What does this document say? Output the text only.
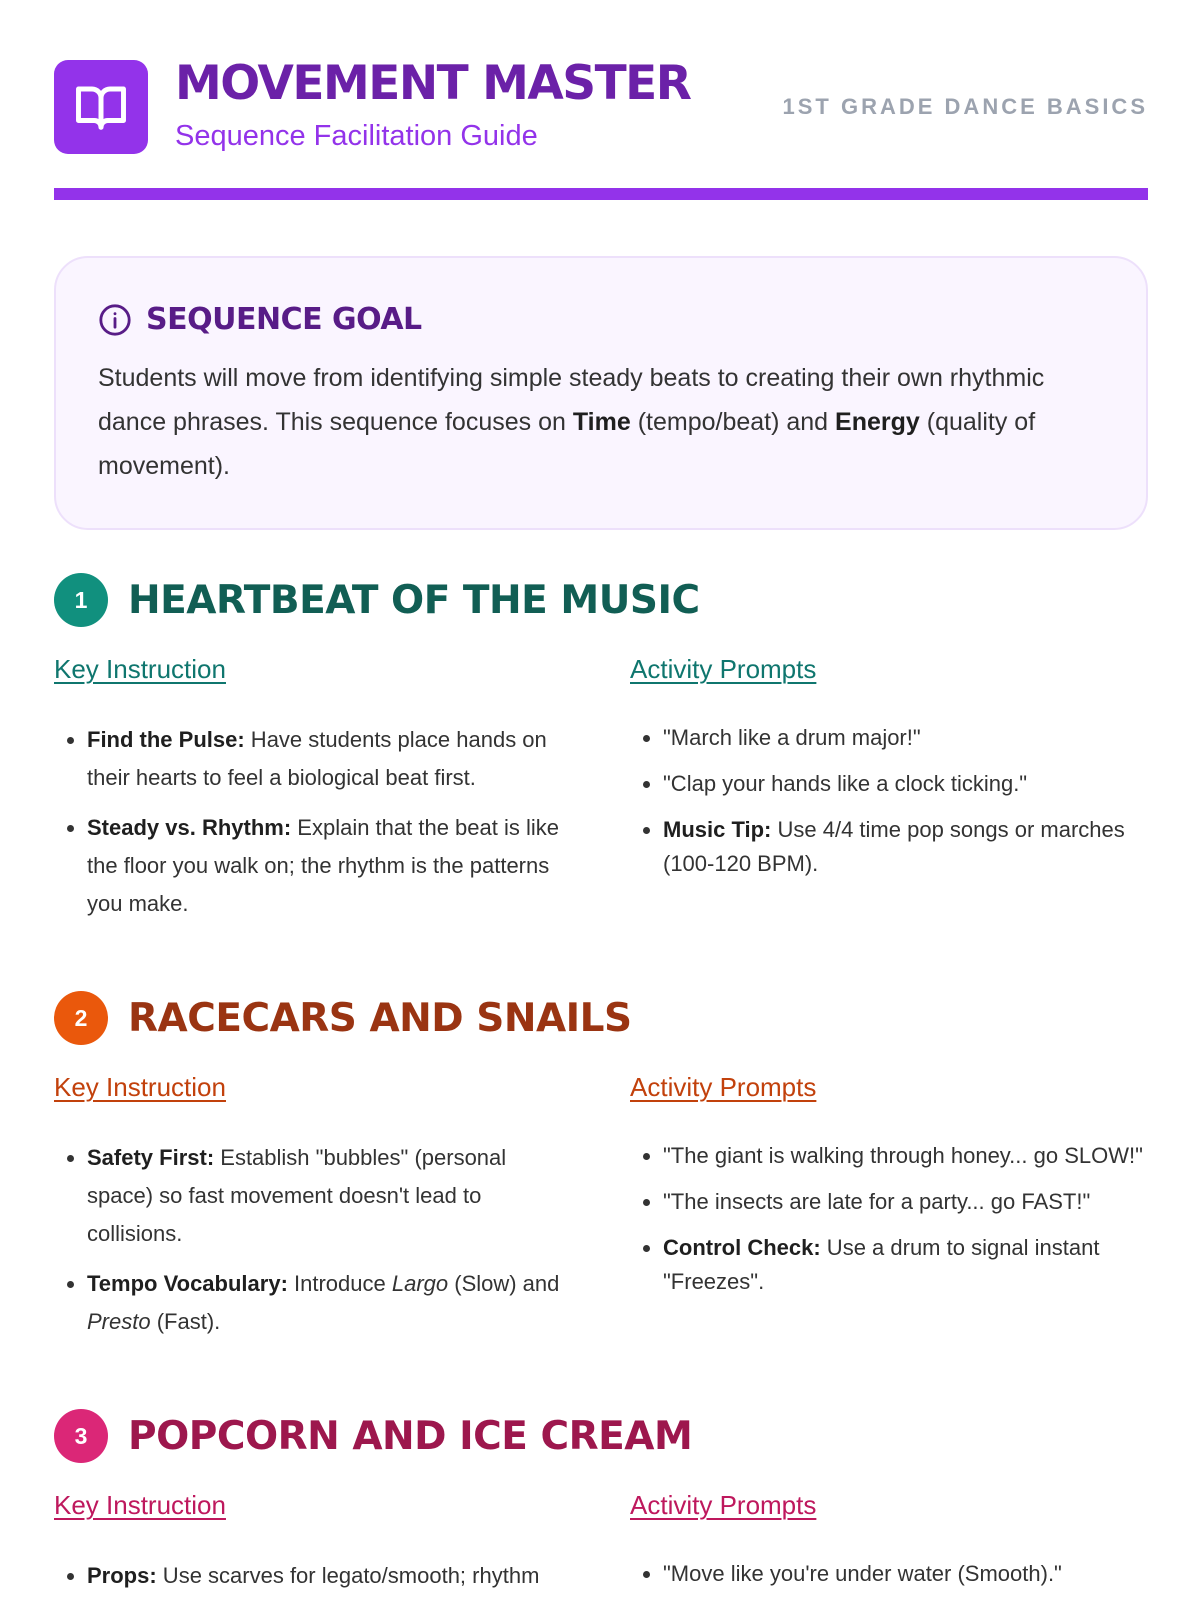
MOVEMENT MASTER
Sequence Facilitation Guide
1ST GRADE DANCE BASICS
SEQUENCE GOAL
Students will move from identifying simple steady beats to creating their own rhythmic dance phrases. This sequence focuses on Time (tempo/beat) and Energy (quality of movement).
1	HEARTBEAT OF THE MUSIC
Key Instruction
• Find the Pulse: Have students place hands on their hearts to feel a biological beat first.
• Steady vs. Rhythm: Explain that the beat is like the floor you walk on; the rhythm is the patterns you make.
Activity Prompts
• "March like a drum major!"
• "Clap your hands like a clock ticking."
• Music Tip: Use 4/4 time pop songs or marches (100-120 BPM).
2	RACECARS AND SNAILS
Key Instruction
• Safety First: Establish "bubbles" (personal space) so fast movement doesn't lead to collisions.
• Tempo Vocabulary: Introduce Largo (Slow) and Presto (Fast).
Activity Prompts
• "The giant is walking through honey... go SLOW!"
• "The insects are late for a party... go FAST!"
• Control Check: Use a drum to signal instant "Freezes".
3	POPCORN AND ICE CREAM
Key Instruction
• Props: Use scarves for legato/smooth; rhythm
Activity Prompts
• "Move like you're under water (Smooth)."
